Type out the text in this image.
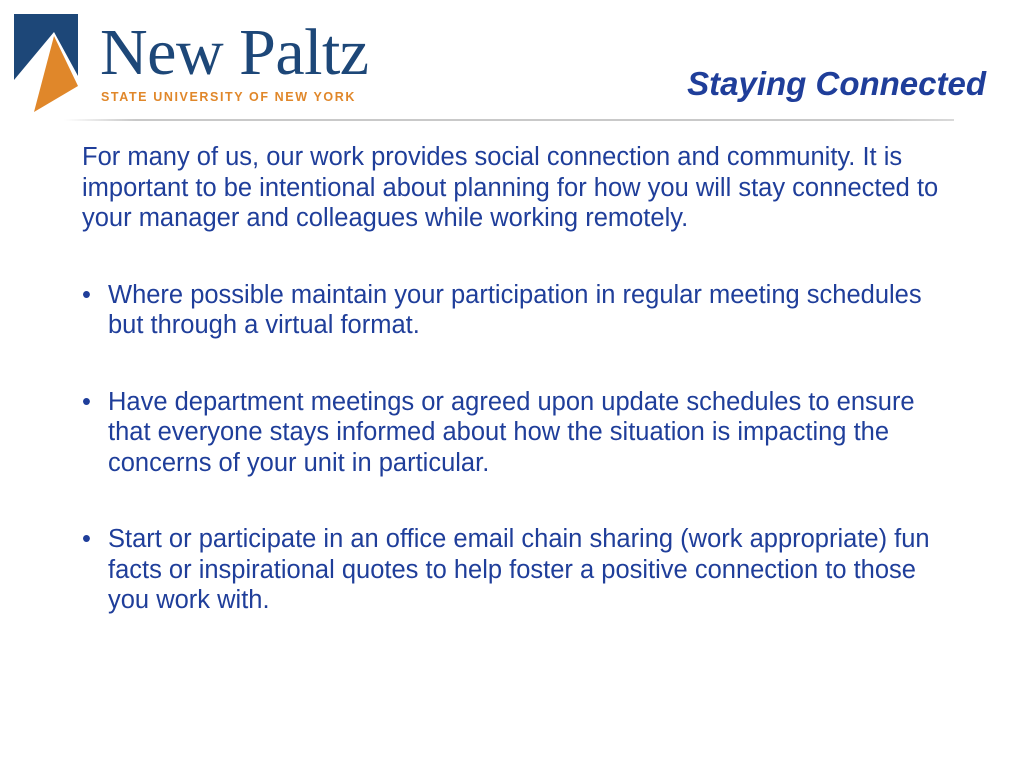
New Paltz
STATE UNIVERSITY OF NEW YORK	Staying Connected

For many of us, our work provides social connection and community. It is important to be intentional about planning for how you will stay connected to your manager and colleagues while working remotely.

• Where possible maintain your participation in regular meeting schedules but through a virtual format.
• Have department meetings or agreed upon update schedules to ensure that everyone stays informed about how the situation is impacting the concerns of your unit in particular.
• Start or participate in an office email chain sharing (work appropriate) fun facts or inspirational quotes to help foster a positive connection to those you work with.
